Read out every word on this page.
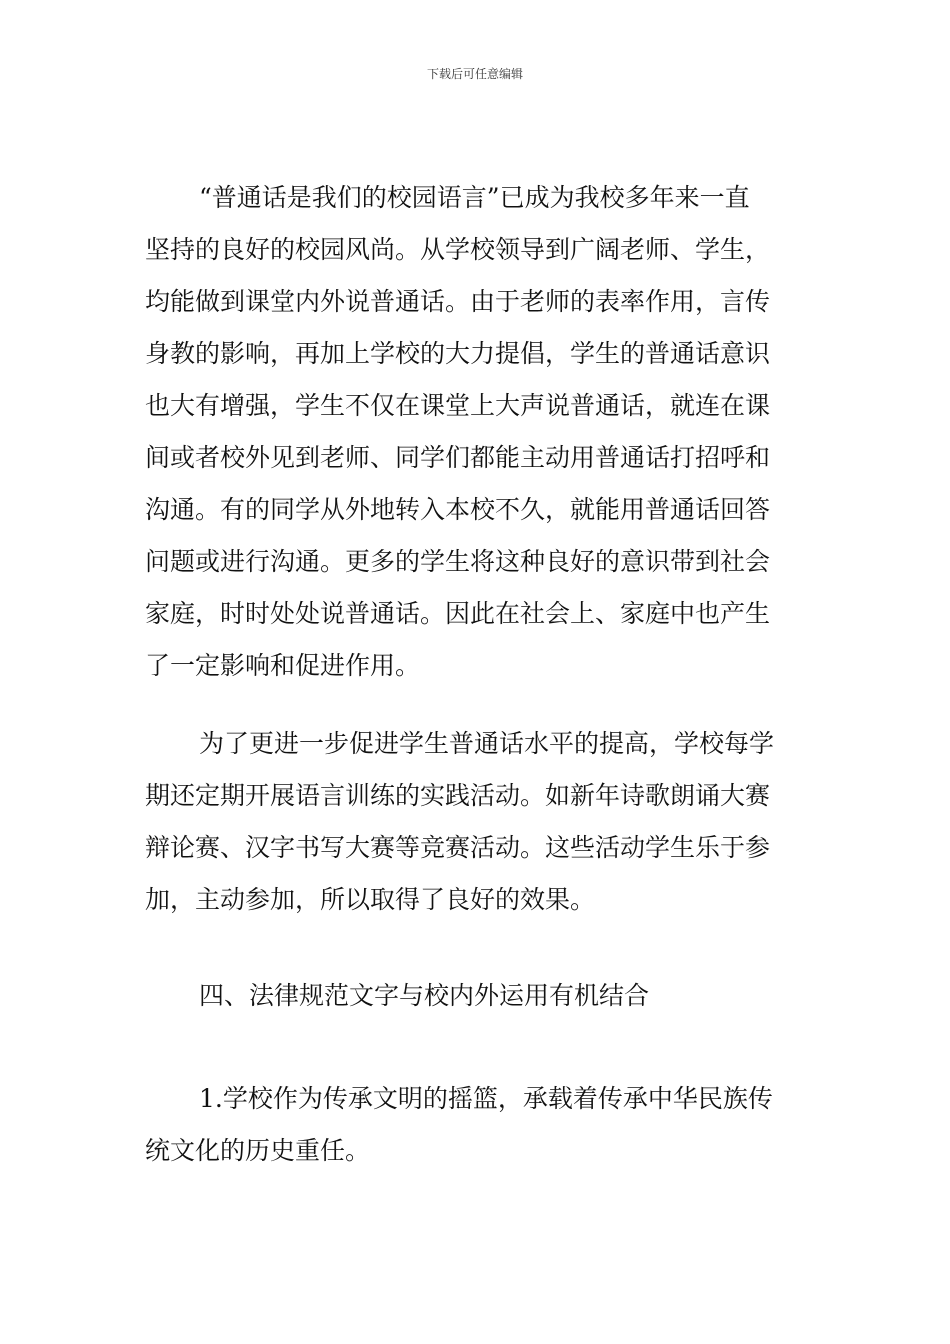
下载后可任意编辑
“普通话是我们的校园语言”已成为我校多年来一直
坚持的良好的校园风尚。从学校领导到广阔老师、学生，
均能做到课堂内外说普通话。由于老师的表率作用，言传
身教的影响，再加上学校的大力提倡，学生的普通话意识
也大有增强，学生不仅在课堂上大声说普通话，就连在课
间或者校外见到老师、同学们都能主动用普通话打招呼和
沟通。有的同学从外地转入本校不久，就能用普通话回答
问题或进行沟通。更多的学生将这种良好的意识带到社会
家庭，时时处处说普通话。因此在社会上、家庭中也产生
了一定影响和促进作用。
为了更进一步促进学生普通话水平的提高，学校每学
期还定期开展语言训练的实践活动。如新年诗歌朗诵大赛
辩论赛、汉字书写大赛等竞赛活动。这些活动学生乐于参
加，主动参加，所以取得了良好的效果。
四、法律规范文字与校内外运用有机结合
1.学校作为传承文明的摇篮，承载着传承中华民族传
统文化的历史重任。
